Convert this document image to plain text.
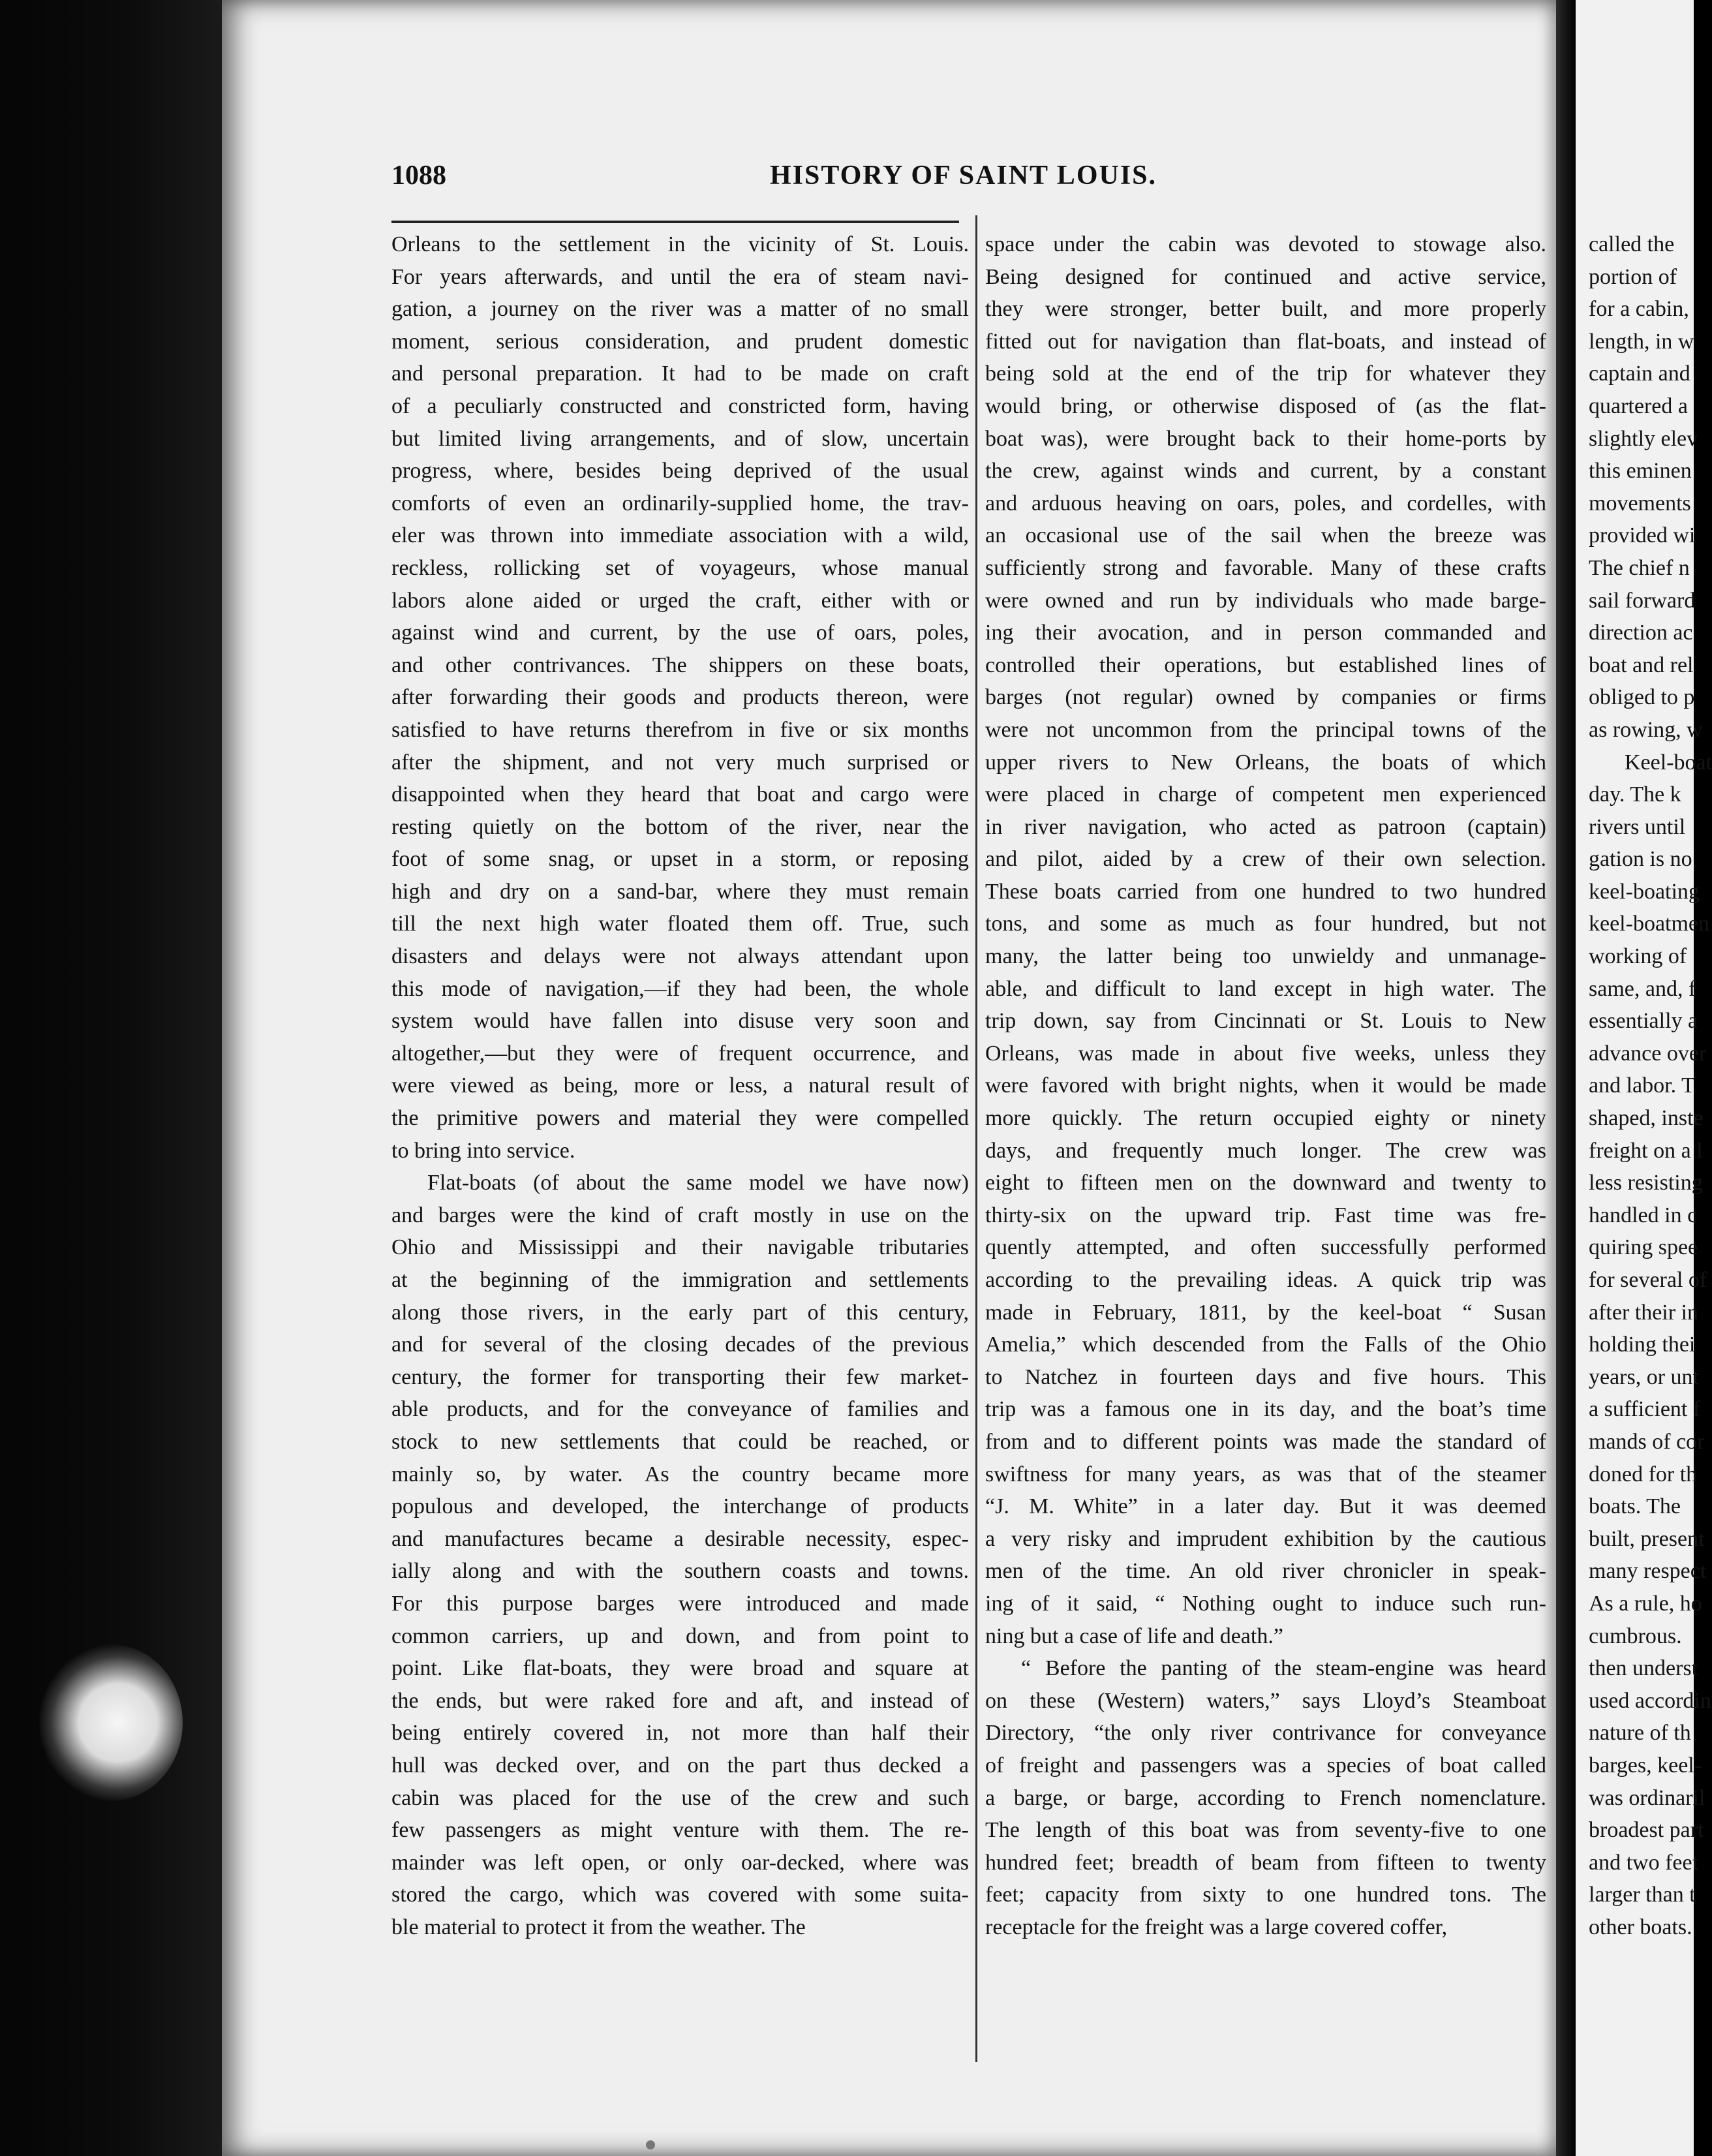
called the
portion of
for a cabin,
length, in w
captain and
quartered a
slightly elev
this eminen
movements
provided wi
The chief n
sail forward
direction ac
boat and rel
obliged to p
as rowing, w
Keel-boat
day. The k
rivers until
gation is no
keel-boating
keel-boatmen
working of
same, and, f
essentially a
advance over
and labor. T
shaped, inste
freight on a l
less resisting
handled in c
quiring spee
for several of
after their in
holding thei
years, or unt
a sufficient f
mands of cor
doned for th
boats. The
built, present
many respect
As a rule, ho
cumbrous.
then underst
used accordin
nature of th
barges, keel-
was ordinaril
broadest part
and two feet
larger than t
other boats.
1088	HISTORY OF SAINT LOUIS.
Orleans to the settlement in the vicinity of St. Louis.
For years afterwards, and until the era of steam navi-
gation, a journey on the river was a matter of no small
moment, serious consideration, and prudent domestic
and personal preparation. It had to be made on craft
of a peculiarly constructed and constricted form, having
but limited living arrangements, and of slow, uncertain
progress, where, besides being deprived of the usual
comforts of even an ordinarily-supplied home, the trav-
eler was thrown into immediate association with a wild,
reckless, rollicking set of voyageurs, whose manual
labors alone aided or urged the craft, either with or
against wind and current, by the use of oars, poles,
and other contrivances. The shippers on these boats,
after forwarding their goods and products thereon, were
satisfied to have returns therefrom in five or six months
after the shipment, and not very much surprised or
disappointed when they heard that boat and cargo were
resting quietly on the bottom of the river, near the
foot of some snag, or upset in a storm, or reposing
high and dry on a sand-bar, where they must remain
till the next high water floated them off. True, such
disasters and delays were not always attendant upon
this mode of navigation,—if they had been, the whole
system would have fallen into disuse very soon and
altogether,—but they were of frequent occurrence, and
were viewed as being, more or less, a natural result of
the primitive powers and material they were compelled
to bring into service.
Flat-boats (of about the same model we have now)
and barges were the kind of craft mostly in use on the
Ohio and Mississippi and their navigable tributaries
at the beginning of the immigration and settlements
along those rivers, in the early part of this century,
and for several of the closing decades of the previous
century, the former for transporting their few market-
able products, and for the conveyance of families and
stock to new settlements that could be reached, or
mainly so, by water. As the country became more
populous and developed, the interchange of products
and manufactures became a desirable necessity, espec-
ially along and with the southern coasts and towns.
For this purpose barges were introduced and made
common carriers, up and down, and from point to
point. Like flat-boats, they were broad and square at
the ends, but were raked fore and aft, and instead of
being entirely covered in, not more than half their
hull was decked over, and on the part thus decked a
cabin was placed for the use of the crew and such
few passengers as might venture with them. The re-
mainder was left open, or only oar-decked, where was
stored the cargo, which was covered with some suita-
ble material to protect it from the weather. The
space under the cabin was devoted to stowage also.
Being designed for continued and active service,
they were stronger, better built, and more properly
fitted out for navigation than flat-boats, and instead of
being sold at the end of the trip for whatever they
would bring, or otherwise disposed of (as the flat-
boat was), were brought back to their home-ports by
the crew, against winds and current, by a constant
and arduous heaving on oars, poles, and cordelles, with
an occasional use of the sail when the breeze was
sufficiently strong and favorable. Many of these crafts
were owned and run by individuals who made barge-
ing their avocation, and in person commanded and
controlled their operations, but established lines of
barges (not regular) owned by companies or firms
were not uncommon from the principal towns of the
upper rivers to New Orleans, the boats of which
were placed in charge of competent men experienced
in river navigation, who acted as patroon (captain)
and pilot, aided by a crew of their own selection.
These boats carried from one hundred to two hundred
tons, and some as much as four hundred, but not
many, the latter being too unwieldy and unmanage-
able, and difficult to land except in high water. The
trip down, say from Cincinnati or St. Louis to New
Orleans, was made in about five weeks, unless they
were favored with bright nights, when it would be made
more quickly. The return occupied eighty or ninety
days, and frequently much longer. The crew was
eight to fifteen men on the downward and twenty to
thirty-six on the upward trip. Fast time was fre-
quently attempted, and often successfully performed
according to the prevailing ideas. A quick trip was
made in February, 1811, by the keel-boat “ Susan
Amelia,” which descended from the Falls of the Ohio
to Natchez in fourteen days and five hours. This
trip was a famous one in its day, and the boat’s time
from and to different points was made the standard of
swiftness for many years, as was that of the steamer
“J. M. White” in a later day. But it was deemed
a very risky and imprudent exhibition by the cautious
men of the time. An old river chronicler in speak-
ing of it said, “ Nothing ought to induce such run-
ning but a case of life and death.”
“ Before the panting of the steam-engine was heard
on these (Western) waters,” says Lloyd’s Steamboat
Directory, “the only river contrivance for conveyance
of freight and passengers was a species of boat called
a barge, or barge, according to French nomenclature.
The length of this boat was from seventy-five to one
hundred feet; breadth of beam from fifteen to twenty
feet; capacity from sixty to one hundred tons. The
receptacle for the freight was a large covered coffer,
